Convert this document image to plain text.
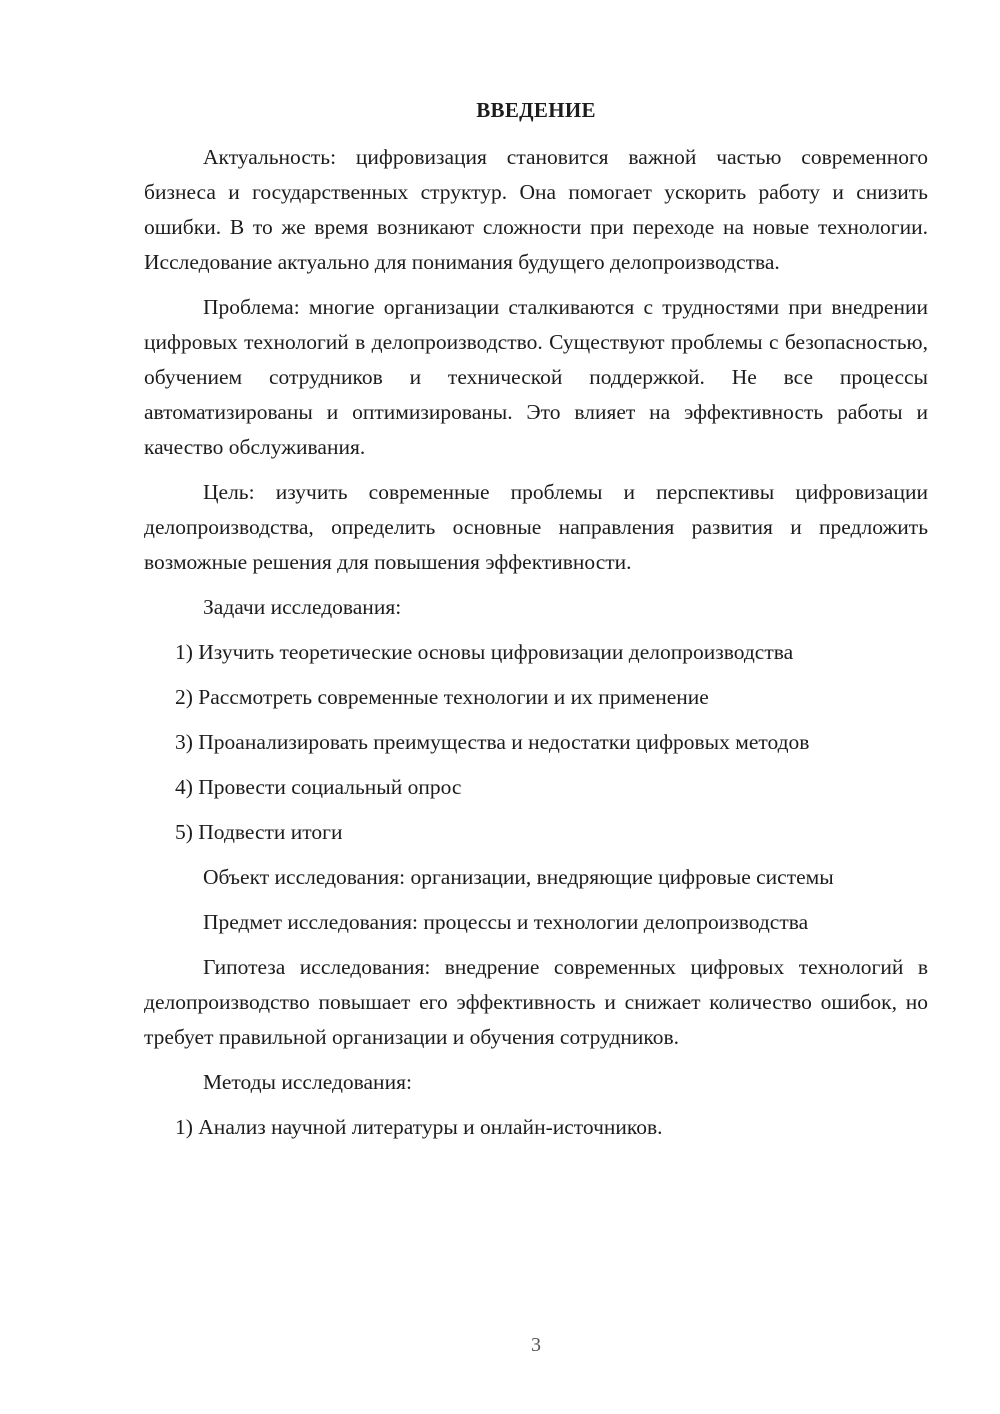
ВВЕДЕНИЕ

Актуальность: цифровизация становится важной частью современного бизнеса и государственных структур. Она помогает ускорить работу и снизить ошибки. В то же время возникают сложности при переходе на новые технологии. Исследование актуально для понимания будущего делопроизводства.

Проблема: многие организации сталкиваются с трудностями при внедрении цифровых технологий в делопроизводство. Существуют проблемы с безопасностью, обучением сотрудников и технической поддержкой. Не все процессы автоматизированы и оптимизированы. Это влияет на эффективность работы и качество обслуживания.

Цель: изучить современные проблемы и перспективы цифровизации делопроизводства, определить основные направления развития и предложить возможные решения для повышения эффективности.

Задачи исследования:

1) Изучить теоретические основы цифровизации делопроизводства

2) Рассмотреть современные технологии и их применение

3) Проанализировать преимущества и недостатки цифровых методов

4) Провести социальный опрос

5) Подвести итоги

Объект исследования: организации, внедряющие цифровые системы

Предмет исследования: процессы и технологии делопроизводства

Гипотеза исследования: внедрение современных цифровых технологий в делопроизводство повышает его эффективность и снижает количество ошибок, но требует правильной организации и обучения сотрудников.

Методы исследования:

1) Анализ научной литературы и онлайн-источников.

3
